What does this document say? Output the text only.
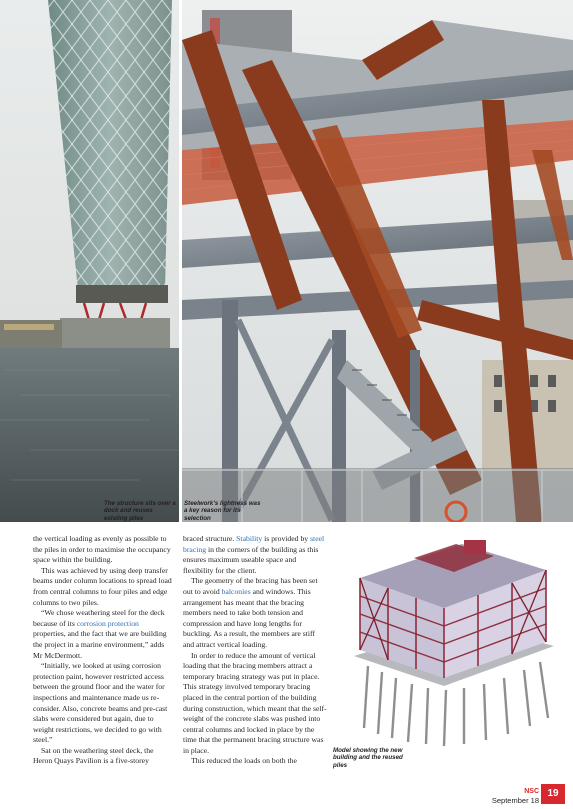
The structure sits over a dock and reuses existing piles
Steelwork's lightness was a key reason for its selection

the vertical loading as evenly as possible to the piles in order to maximise the occupancy space within the building.

This was achieved by using deep transfer beams under column locations to spread load from central columns to four piles and edge columns to two piles.

“We chose weathering steel for the deck because of its corrosion protection properties, and the fact that we are building the project in a marine environment,” adds Mr McDermott.

“Initially, we looked at using corrosion protection paint, however restricted access between the ground floor and the water for inspections and maintenance made us re-consider. Also, concrete beams and pre-cast slabs were considered but again, due to weight restrictions, we decided to go with steel.”

Sat on the weathering steel deck, the Heron Quays Pavilion is a five-storey

braced structure. Stability is provided by steel bracing in the corners of the building as this ensures maximum useable space and flexibility for the client.

The geometry of the bracing has been set out to avoid balconies and windows. This arrangement has meant that the bracing members need to take both tension and compression and have long lengths for buckling. As a result, the members are stiff and attract vertical loading.

In order to reduce the amount of vertical loading that the bracing members attract a temporary bracing strategy was put in place. This strategy involved temporary bracing placed in the central portion of the building during construction, which meant that the self-weight of the concrete slabs was pushed into central columns and locked in place by the time that the permanent bracing structure was in place.

This reduced the loads on both the

Model showing the new building and the reused piles
NSC
September 18
19
